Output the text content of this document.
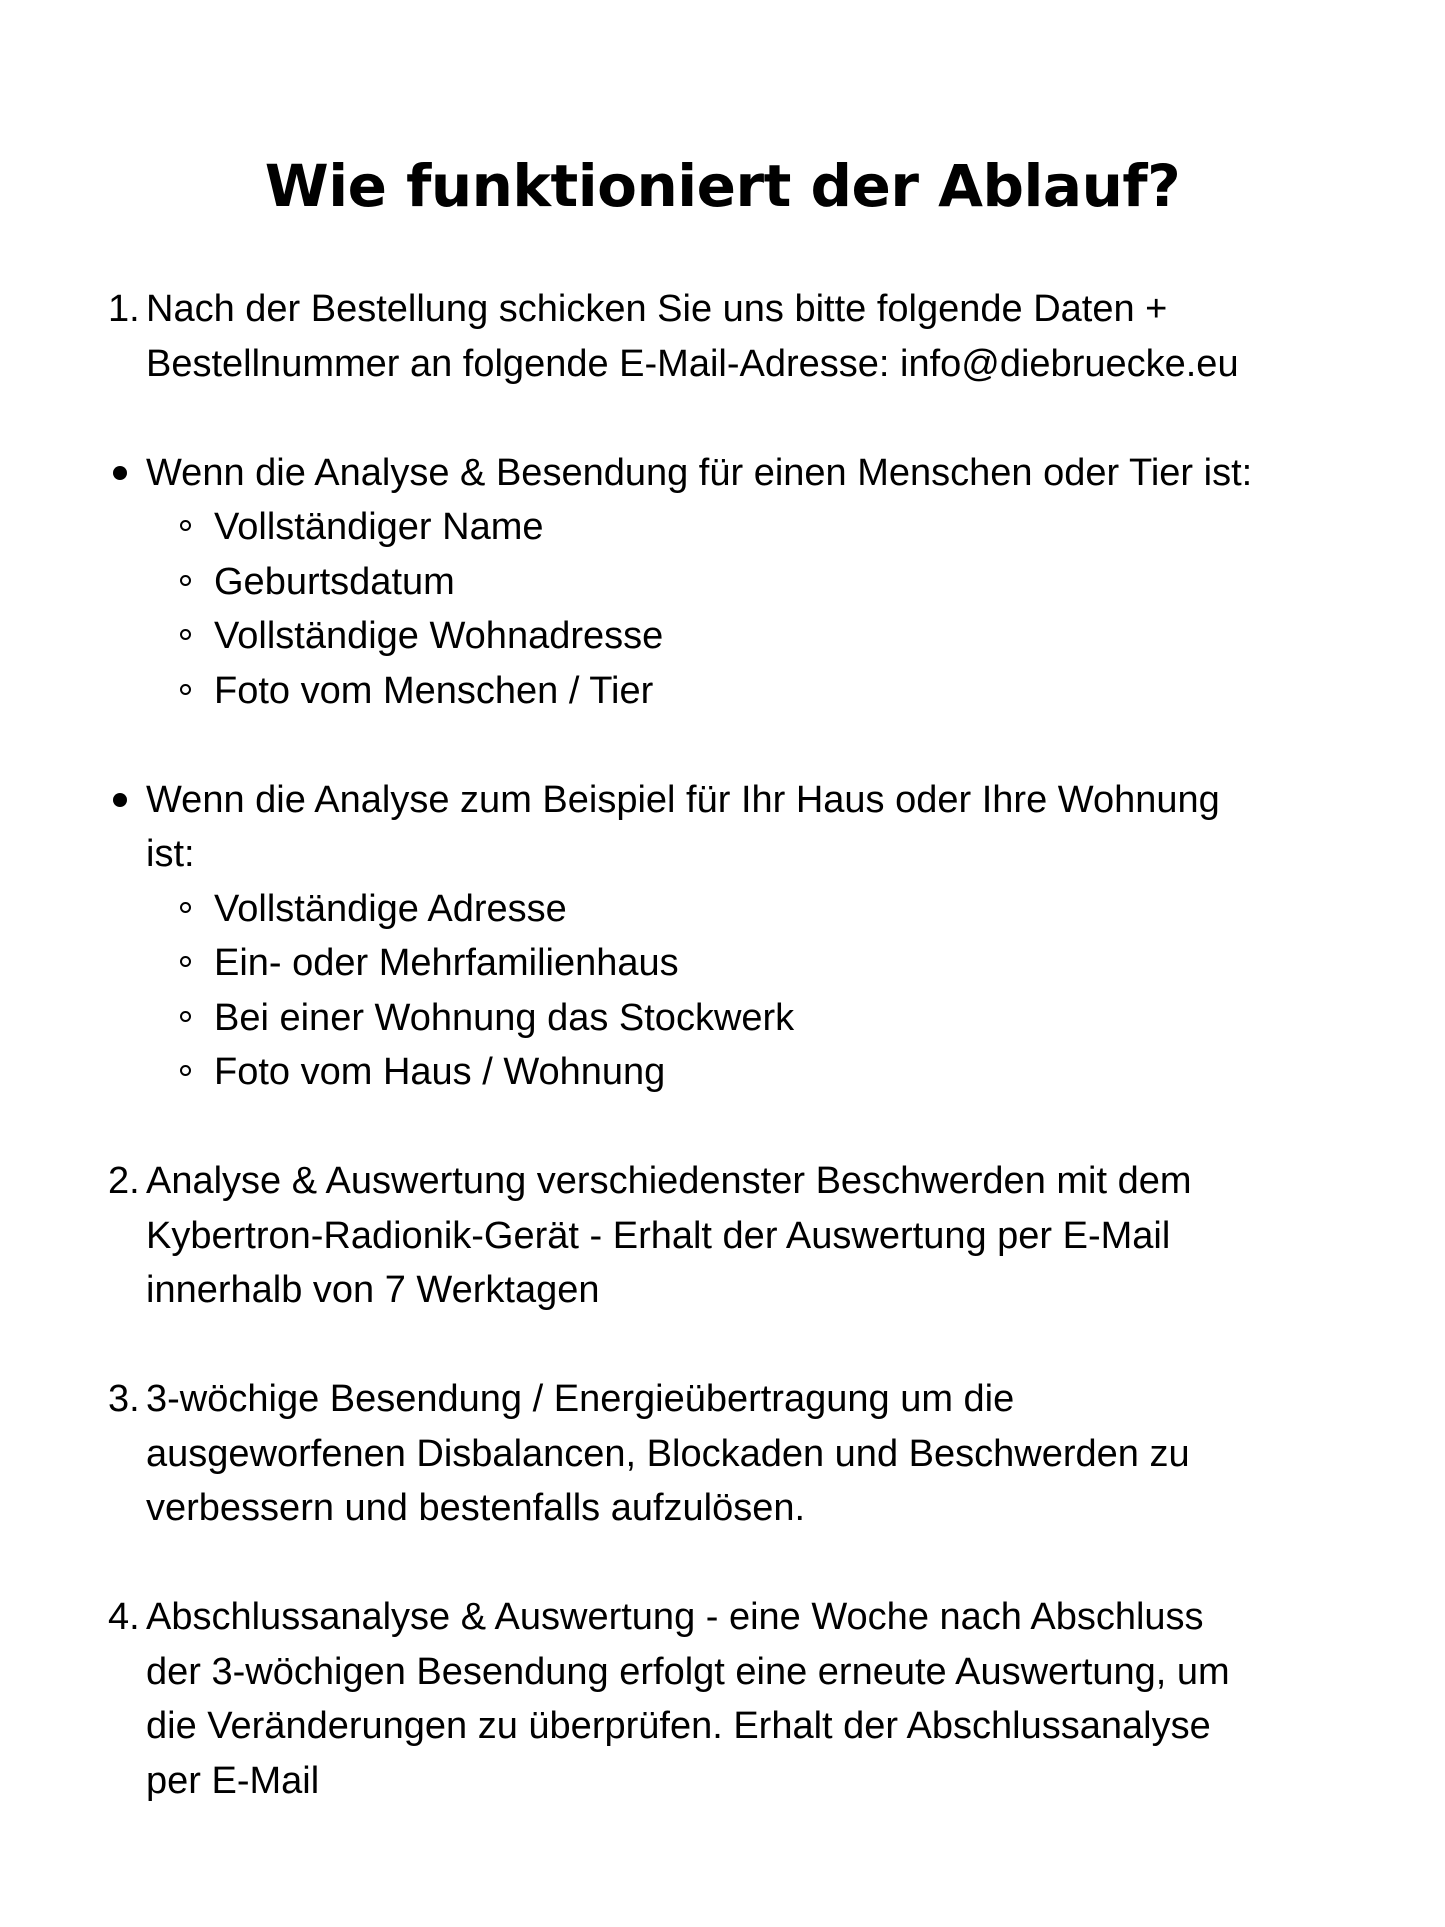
Wie funktioniert der Ablauf?
1. Nach der Bestellung schicken Sie uns bitte folgende Daten +
Bestellnummer an folgende E-Mail-Adresse: info@diebruecke.eu
Wenn die Analyse & Besendung für einen Menschen oder Tier ist:
Vollständiger Name
Geburtsdatum
Vollständige Wohnadresse
Foto vom Menschen / Tier
Wenn die Analyse zum Beispiel für Ihr Haus oder Ihre Wohnung
ist:
Vollständige Adresse
Ein- oder Mehrfamilienhaus
Bei einer Wohnung das Stockwerk
Foto vom Haus / Wohnung
2. Analyse & Auswertung verschiedenster Beschwerden mit dem
Kybertron-Radionik-Gerät - Erhalt der Auswertung per E-Mail
innerhalb von 7 Werktagen
3. 3-wöchige Besendung / Energieübertragung um die
ausgeworfenen Disbalancen, Blockaden und Beschwerden zu
verbessern und bestenfalls aufzulösen.
4. Abschlussanalyse & Auswertung - eine Woche nach Abschluss
der 3-wöchigen Besendung erfolgt eine erneute Auswertung, um
die Veränderungen zu überprüfen. Erhalt der Abschlussanalyse
per E-Mail
